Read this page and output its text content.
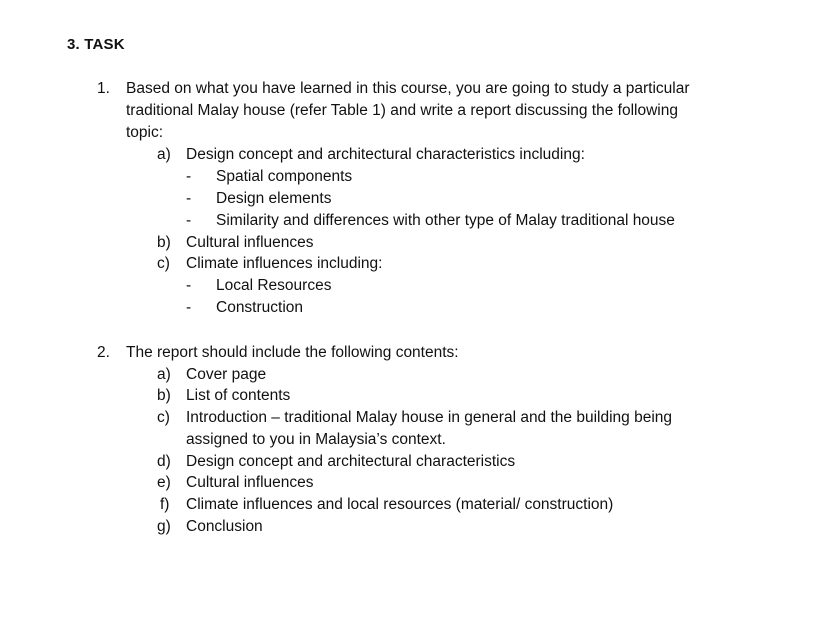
3. TASK
1. Based on what you have learned in this course, you are going to study a particular
traditional Malay house (refer Table 1) and write a report discussing the following
topic:
a) Design concept and architectural characteristics including:
- Spatial components
- Design elements
- Similarity and differences with other type of Malay traditional house
b) Cultural influences
c) Climate influences including:
- Local Resources
- Construction
2. The report should include the following contents:
a) Cover page
b) List of contents
c) Introduction – traditional Malay house in general and the building being
assigned to you in Malaysia’s context.
d) Design concept and architectural characteristics
e) Cultural influences
f) Climate influences and local resources (material/ construction)
g) Conclusion
